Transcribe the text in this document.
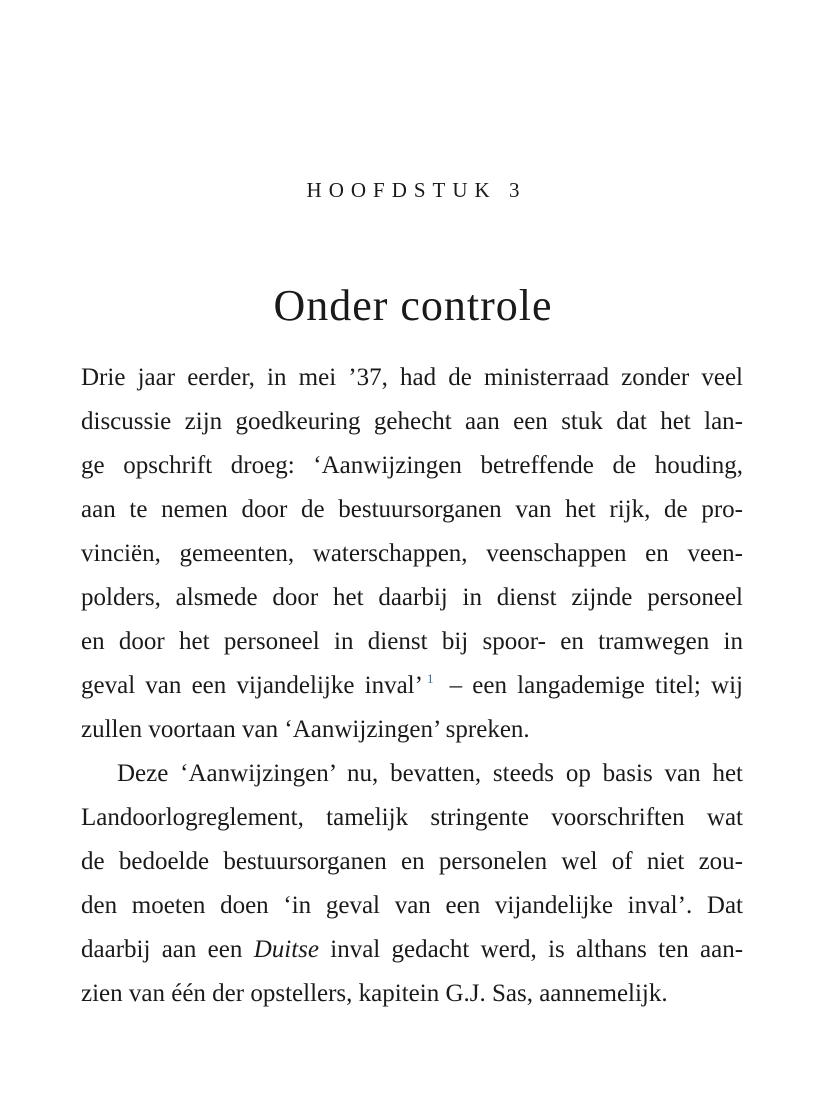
HOOFDSTUK 3
Onder controle
Drie jaar eerder, in mei ’37, had de ministerraad zonder veel
discussie zijn goedkeuring gehecht aan een stuk dat het lan-
ge opschrift droeg: ‘Aanwijzingen betreffende de houding,
aan te nemen door de bestuursorganen van het rijk, de pro-
vinciën, gemeenten, waterschappen, veenschappen en veen-
polders, alsmede door het daarbij in dienst zijnde personeel
en door het personeel in dienst bij spoor- en tramwegen in
geval van een vijandelijke inval’ $^1$ – een langademige titel; wij
zullen voortaan van ‘Aanwijzingen’ spreken.
Deze ‘Aanwijzingen’ nu, bevatten, steeds op basis van het
Landoorlogreglement, tamelijk stringente voorschriften wat
de bedoelde bestuursorganen en personelen wel of niet zou-
den moeten doen ‘in geval van een vijandelijke inval’. Dat
daarbij aan een Duitse inval gedacht werd, is althans ten aan-
zien van één der opstellers, kapitein G.J. Sas, aannemelijk.
